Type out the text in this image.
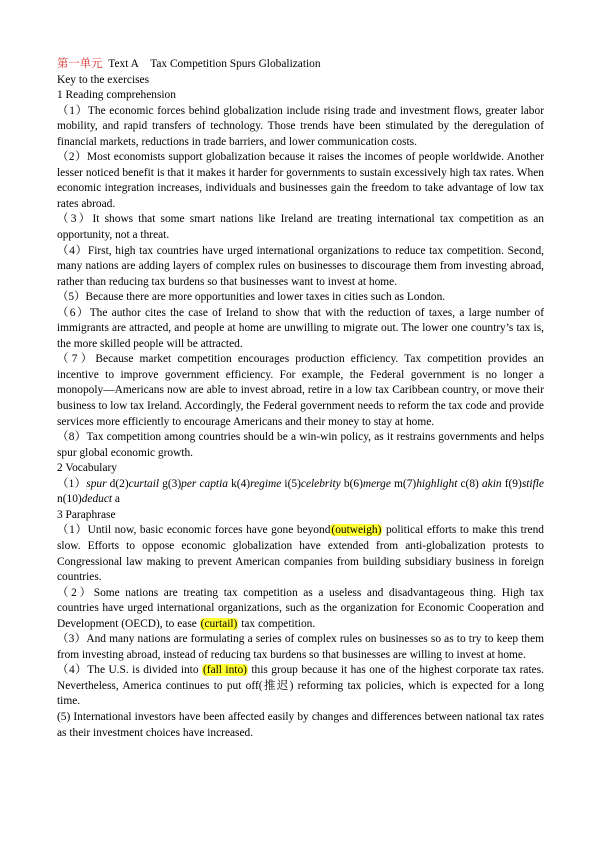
第一单元 Text A Tax Competition Spurs Globalization

Key to the exercises

1 Reading comprehension

（1）The economic forces behind globalization include rising trade and investment flows, greater labor mobility, and rapid transfers of technology. Those trends have been stimulated by the deregulation of financial markets, reductions in trade barriers, and lower communication costs.

（2）Most economists support globalization because it raises the incomes of people worldwide. Another lesser noticed benefit is that it makes it harder for governments to sustain excessively high tax rates. When economic integration increases, individuals and businesses gain the freedom to take advantage of low tax rates abroad.

（3）It shows that some smart nations like Ireland are treating international tax competition as an opportunity, not a threat.

（4）First, high tax countries have urged international organizations to reduce tax competition. Second, many nations are adding layers of complex rules on businesses to discourage them from investing abroad, rather than reducing tax burdens so that businesses want to invest at home.

（5）Because there are more opportunities and lower taxes in cities such as London.

（6）The author cites the case of Ireland to show that with the reduction of taxes, a large number of immigrants are attracted, and people at home are unwilling to migrate out. The lower one country’s tax is, the more skilled people will be attracted.

（7）Because market competition encourages production efficiency. Tax competition provides an incentive to improve government efficiency. For example, the Federal government is no longer a monopoly—Americans now are able to invest abroad, retire in a low tax Caribbean country, or move their business to low tax Ireland. Accordingly, the Federal government needs to reform the tax code and provide services more efficiently to encourage Americans and their money to stay at home.

（8）Tax competition among countries should be a win-win policy, as it restrains governments and helps spur global economic growth.

2 Vocabulary

（1）spur d(2)curtail g(3)per captia k(4)regime i(5)celebrity b(6)merge m(7)highlight c(8) akin f(9)stifle n(10)deduct a

3 Paraphrase

（1）Until now, basic economic forces have gone beyond(outweigh) political efforts to make this trend slow. Efforts to oppose economic globalization have extended from anti-globalization protests to Congressional law making to prevent American companies from building subsidiary business in foreign countries.

（2）Some nations are treating tax competition as a useless and disadvantageous thing. High tax countries have urged international organizations, such as the organization for Economic Cooperation and Development (OECD), to ease (curtail) tax competition.

（3）And many nations are formulating a series of complex rules on businesses so as to try to keep them from investing abroad, instead of reducing tax burdens so that businesses are willing to invest at home.

（4）The U.S. is divided into (fall into) this group because it has one of the highest corporate tax rates. Nevertheless, America continues to put off(推迟) reforming tax policies, which is expected for a long time.

(5) International investors have been affected easily by changes and differences between national tax rates as their investment choices have increased.
